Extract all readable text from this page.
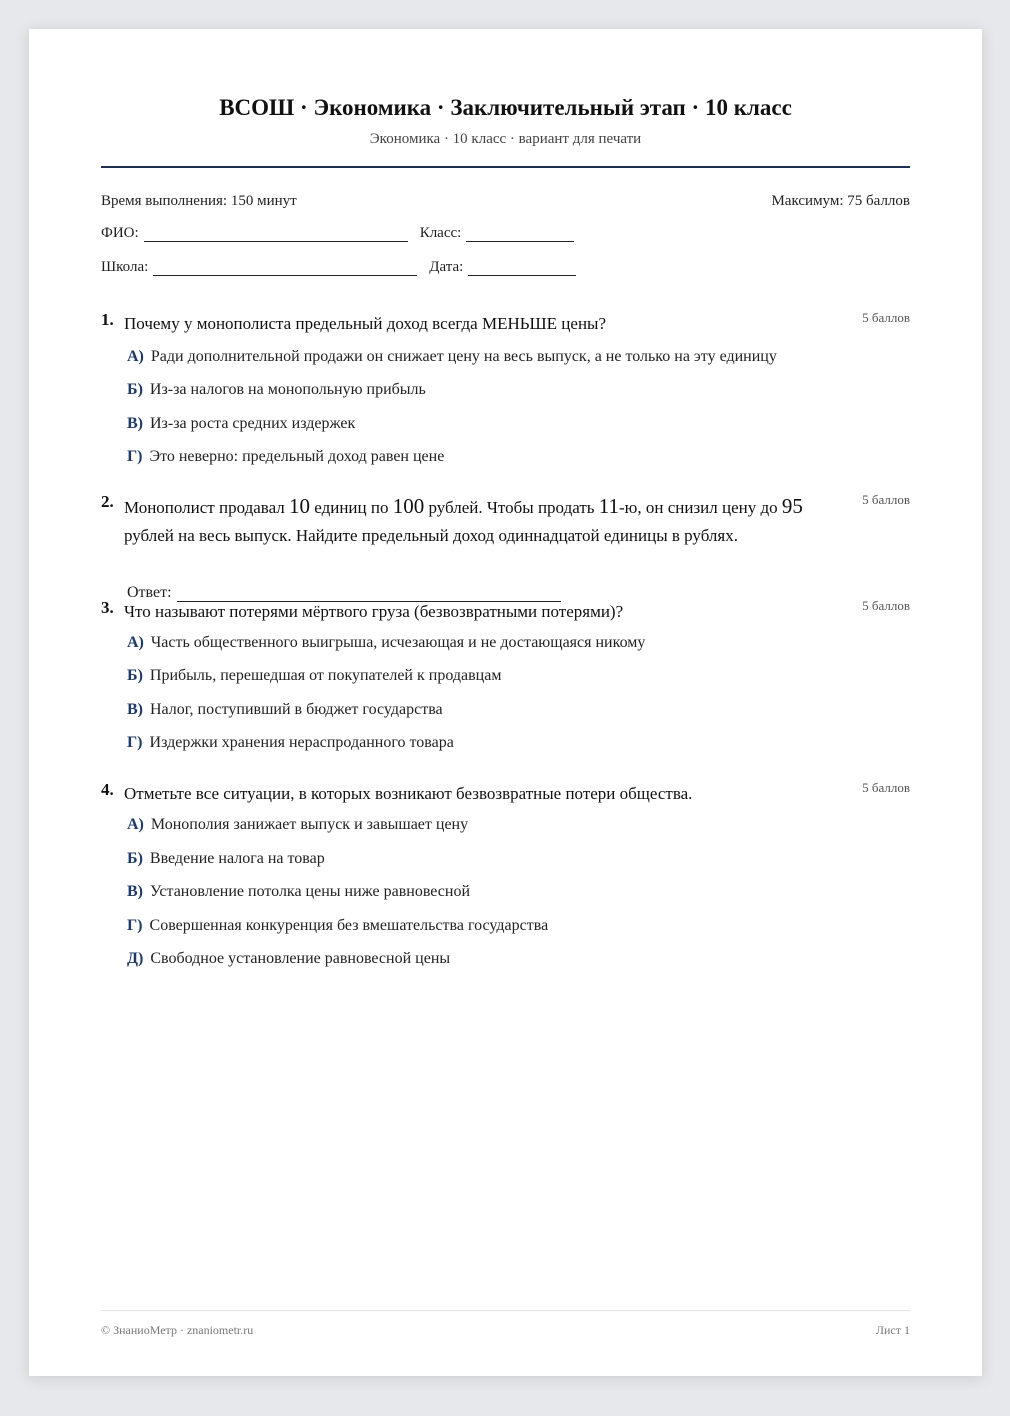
ВСОШ · Экономика · Заключительный этап · 10 класс
Экономика · 10 класс · вариант для печати
Время выполнения: 150 минут	Максимум: 75 баллов
ФИО:	Класс:
Школа:	Дата:
1. Почему у монополиста предельный доход всегда МЕНЬШЕ цены?	5 баллов
А) Ради дополнительной продажи он снижает цену на весь выпуск, а не только на эту единицу
Б) Из-за налогов на монопольную прибыль
В) Из-за роста средних издержек
Г) Это неверно: предельный доход равен цене
2. Монополист продавал 10 единиц по 100 рублей. Чтобы продать 11-ю, он снизил цену до 95 рублей на весь выпуск. Найдите предельный доход одиннадцатой единицы в рублях.
5 баллов
Ответ:
3. Что называют потерями мёртвого груза (безвозвратными потерями)?	5 баллов
А) Часть общественного выигрыша, исчезающая и не достающаяся никому
Б) Прибыль, перешедшая от покупателей к продавцам
В) Налог, поступивший в бюджет государства
Г) Издержки хранения нераспроданного товара
4. Отметьте все ситуации, в которых возникают безвозвратные потери общества.	5 баллов
А) Монополия занижает выпуск и завышает цену
Б) Введение налога на товар
В) Установление потолка цены ниже равновесной
Г) Совершенная конкуренция без вмешательства государства
Д) Свободное установление равновесной цены
© ЗнаниоМетр · znaniometr.ru	Лист 1
